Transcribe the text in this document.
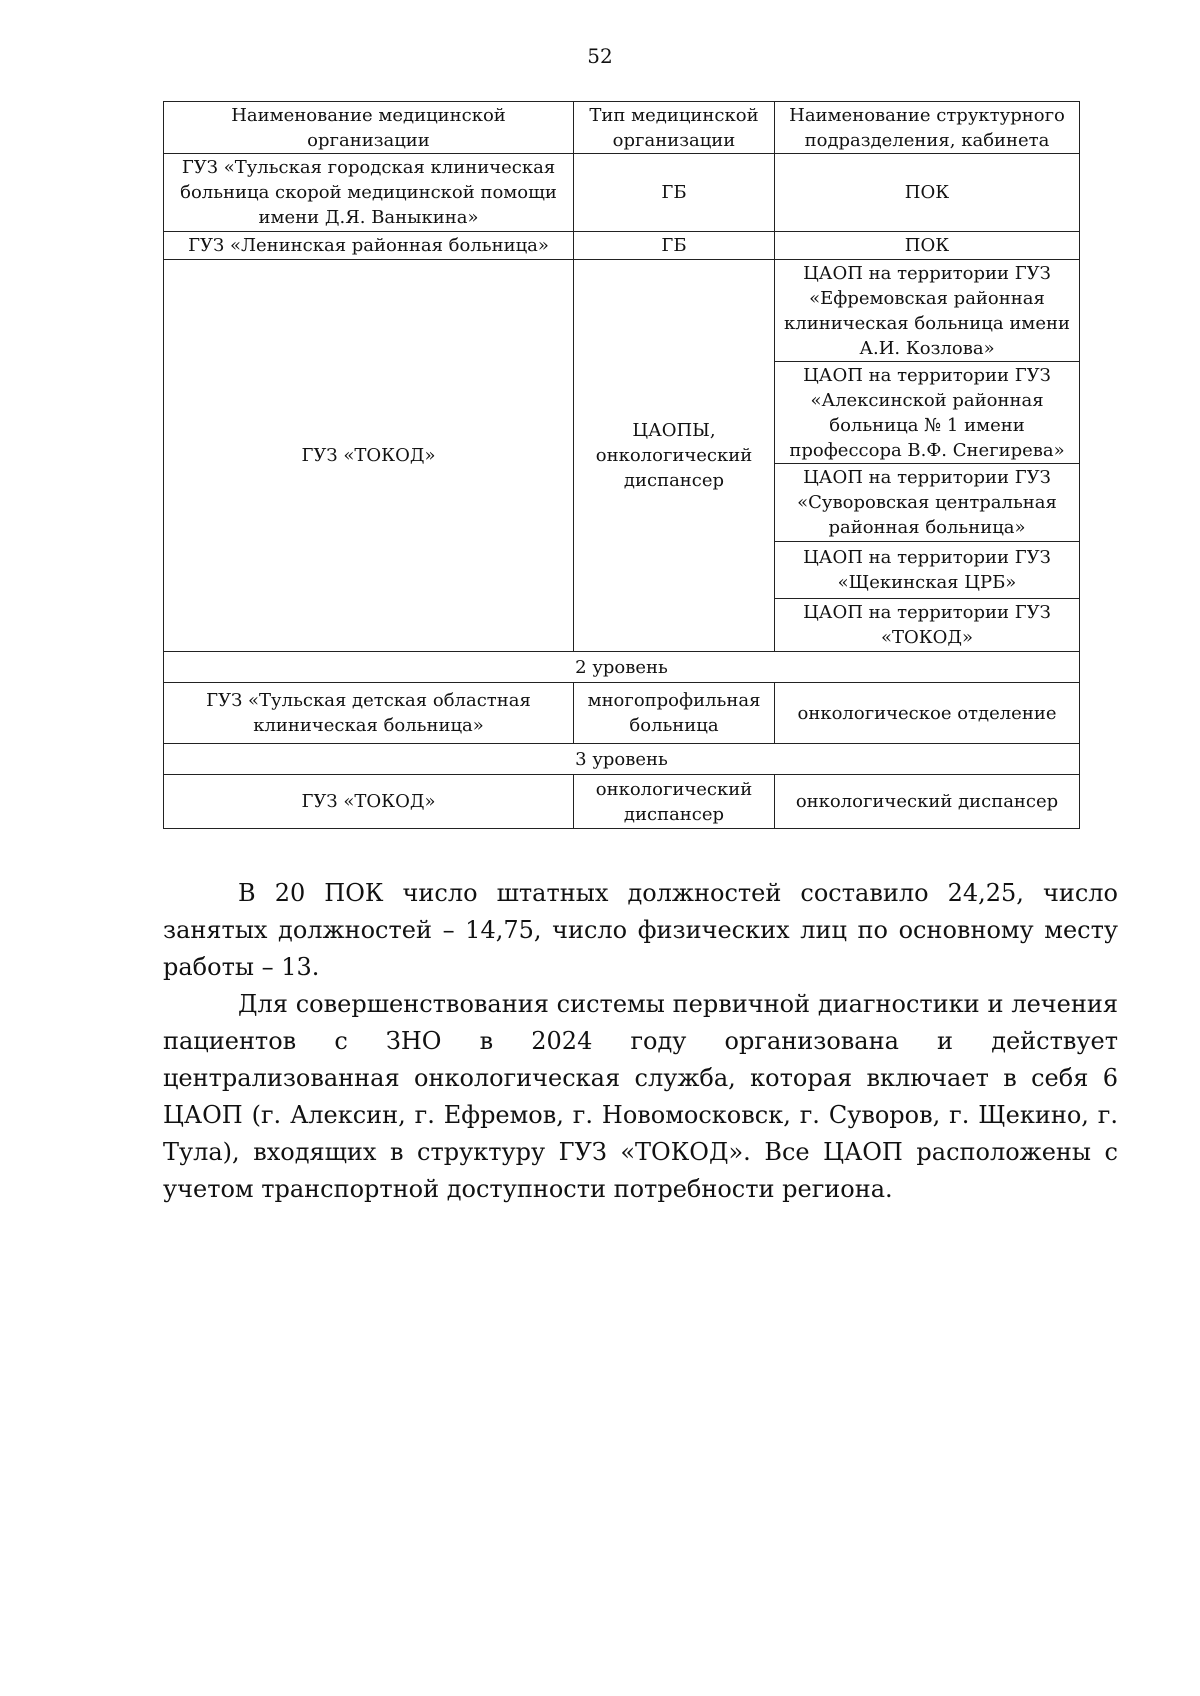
52
Наименование медицинской организации	Тип медицинской организации	Наименование структурного подразделения, кабинета
ГУЗ «Тульская городская клиническая больница скорой медицинской помощи имени Д.Я. Ваныкина»	ГБ	ПОК
ГУЗ «Ленинская районная больница»	ГБ	ПОК
ГУЗ «ТОКОД»	ЦАОПЫ, онкологический диспансер	ЦАОП на территории ГУЗ «Ефремовская районная клиническая больница имени А.И. Козлова»
		ЦАОП на территории ГУЗ «Алексинской районная больница № 1 имени профессора В.Ф. Снегирева»
		ЦАОП на территории ГУЗ «Суворовская центральная районная больница»
		ЦАОП на территории ГУЗ «Щекинская ЦРБ»
		ЦАОП на территории ГУЗ «ТОКОД»
2 уровень		
ГУЗ «Тульская детская областная клиническая больница»	многопрофильная больница	онкологическое отделение
3 уровень		
ГУЗ «ТОКОД»	онкологический диспансер	онкологический диспансер

В 20 ПОК число штатных должностей составило 24,25, число занятых должностей – 14,75, число физических лиц по основному месту работы – 13.

Для совершенствования системы первичной диагностики и лечения пациентов с ЗНО в 2024 году организована и действует централизованная онкологическая служба, которая включает в себя 6 ЦАОП (г. Алексин, г. Ефремов, г. Новомосковск, г. Суворов, г. Щекино, г. Тула), входящих в структуру ГУЗ «ТОКОД». Все ЦАОП расположены с учетом транспортной доступности потребности региона.
